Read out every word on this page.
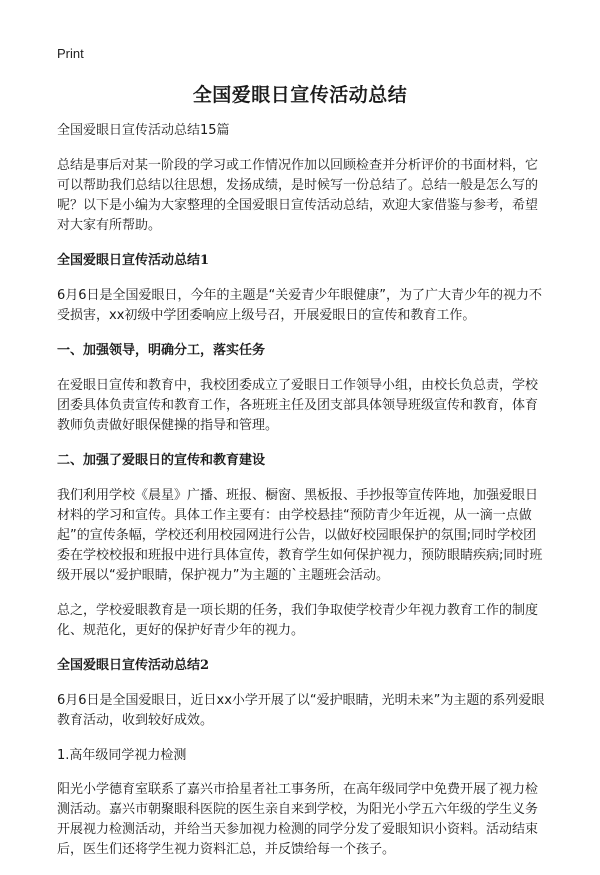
Print
全国爱眼日宣传活动总结

全国爱眼日宣传活动总结15篇

总结是事后对某一阶段的学习或工作情况作加以回顾检查并分析评价的书面材料，它可以帮助我们总结以往思想，发扬成绩，是时候写一份总结了。总结一般是怎么写的呢？以下是小编为大家整理的全国爱眼日宣传活动总结，欢迎大家借鉴与参考，希望对大家有所帮助。

全国爱眼日宣传活动总结1

6月6日是全国爱眼日，今年的主题是“关爱青少年眼健康”，为了广大青少年的视力不受损害，xx初级中学团委响应上级号召，开展爱眼日的宣传和教育工作。

一、加强领导，明确分工，落实任务

在爱眼日宣传和教育中，我校团委成立了爱眼日工作领导小组，由校长负总责，学校团委具体负责宣传和教育工作，各班班主任及团支部具体领导班级宣传和教育，体育教师负责做好眼保健操的指导和管理。

二、加强了爱眼日的宣传和教育建设

我们利用学校《晨星》广播、班报、橱窗、黑板报、手抄报等宣传阵地，加强爱眼日材料的学习和宣传。具体工作主要有：由学校悬挂“预防青少年近视，从一滴一点做起”的宣传条幅，学校还利用校园网进行公告，以做好校园眼保护的氛围;同时学校团委在学校校报和班报中进行具体宣传，教育学生如何保护视力，预防眼睛疾病;同时班级开展以“爱护眼睛，保护视力”为主题的`主题班会活动。

总之，学校爱眼教育是一项长期的任务，我们争取使学校青少年视力教育工作的制度化、规范化，更好的保护好青少年的视力。

全国爱眼日宣传活动总结2

6月6日是全国爱眼日，近日xx小学开展了以“爱护眼睛，光明未来”为主题的系列爱眼教育活动，收到较好成效。

1.高年级同学视力检测

阳光小学德育室联系了嘉兴市拾星者社工事务所，在高年级同学中免费开展了视力检测活动。嘉兴市朝聚眼科医院的医生亲自来到学校，为阳光小学五六年级的学生义务开展视力检测活动，并给当天参加视力检测的同学分发了爱眼知识小资料。活动结束后，医生们还将学生视力资料汇总，并反馈给每一个孩子。
